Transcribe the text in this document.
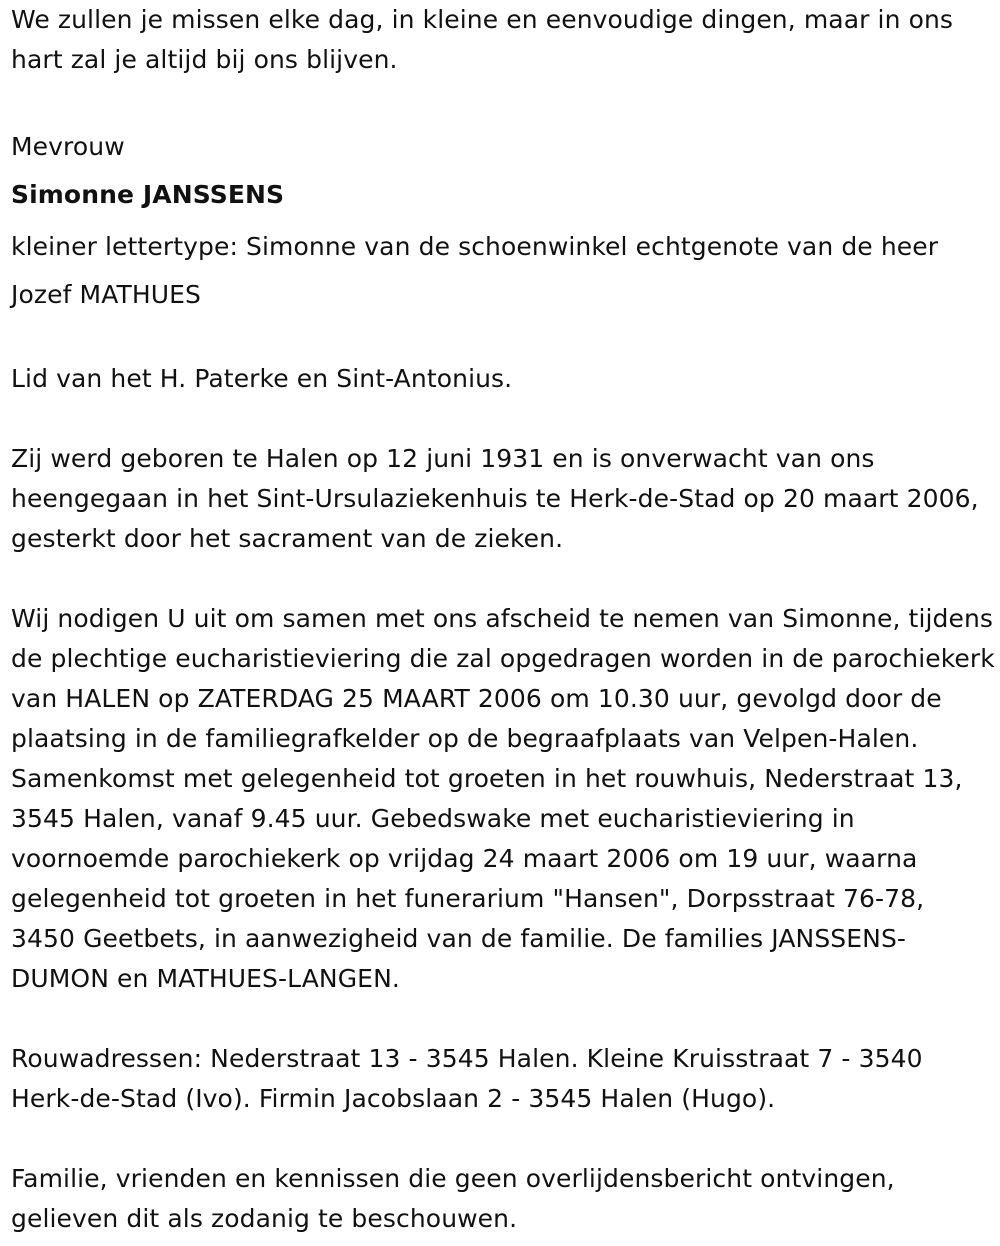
We zullen je missen elke dag, in kleine en eenvoudige dingen, maar in ons hart zal je altijd bij ons blijven.

Mevrouw

Simonne JANSSENS

kleiner lettertype: Simonne van de schoenwinkel echtgenote van de heer Jozef MATHUES

Lid van het H. Paterke en Sint-Antonius.

Zij werd geboren te Halen op 12 juni 1931 en is onverwacht van ons heengegaan in het Sint-Ursulaziekenhuis te Herk-de-Stad op 20 maart 2006, gesterkt door het sacrament van de zieken.

Wij nodigen U uit om samen met ons afscheid te nemen van Simonne, tijdens de plechtige eucharistieviering die zal opgedragen worden in de parochiekerk van HALEN op ZATERDAG 25 MAART 2006 om 10.30 uur, gevolgd door de plaatsing in de familiegrafkelder op de begraafplaats van Velpen-Halen. Samenkomst met gelegenheid tot groeten in het rouwhuis, Nederstraat 13, 3545 Halen, vanaf 9.45 uur. Gebedswake met eucharistieviering in voornoemde parochiekerk op vrijdag 24 maart 2006 om 19 uur, waarna gelegenheid tot groeten in het funerarium "Hansen", Dorpsstraat 76-78, 3450 Geetbets, in aanwezigheid van de familie. De families JANSSENS-DUMON en MATHUES-LANGEN.

Rouwadressen: Nederstraat 13 - 3545 Halen. Kleine Kruisstraat 7 - 3540 Herk-de-Stad (Ivo). Firmin Jacobslaan 2 - 3545 Halen (Hugo).

Familie, vrienden en kennissen die geen overlijdensbericht ontvingen, gelieven dit als zodanig te beschouwen.
